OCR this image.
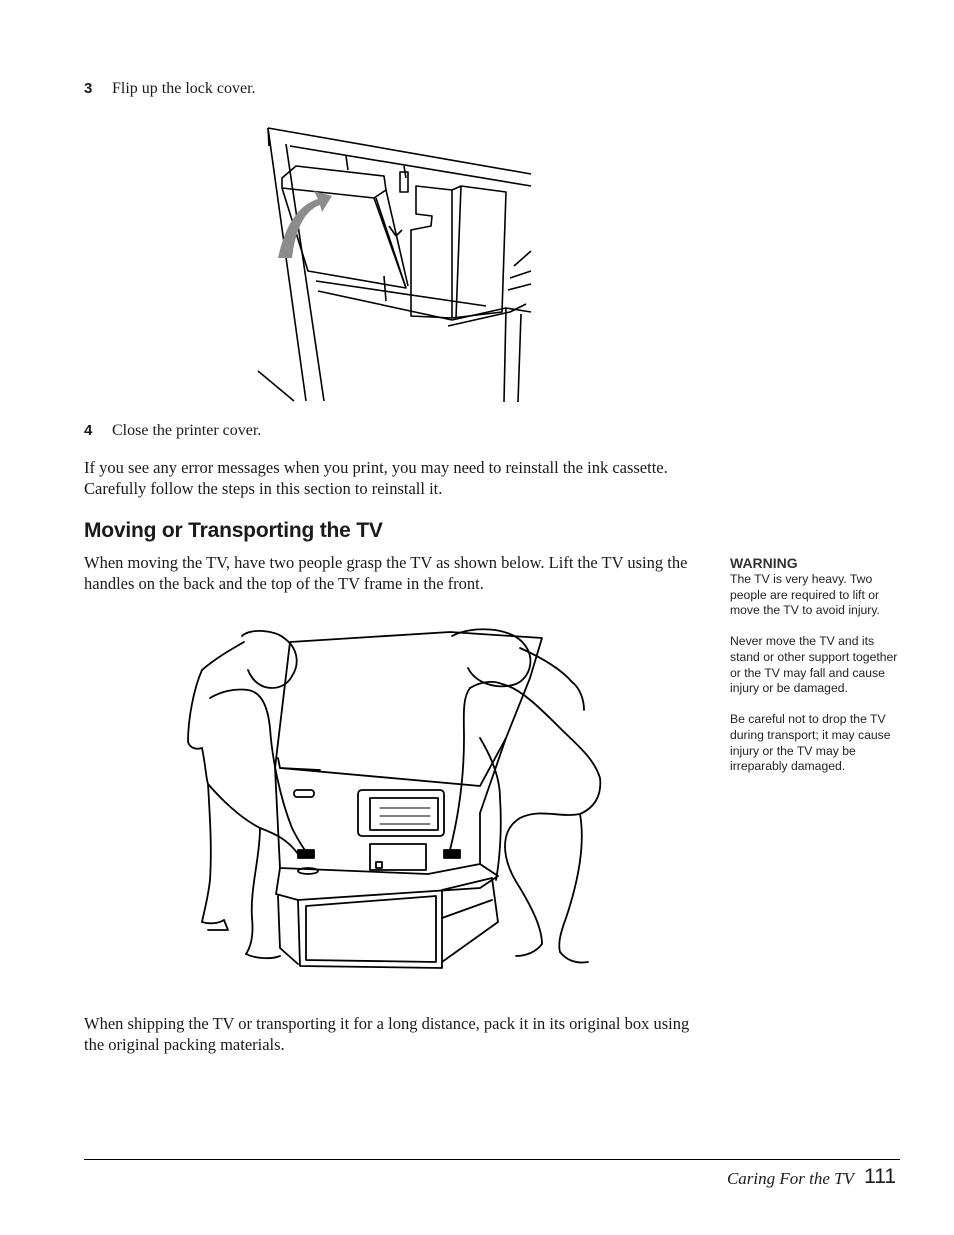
3 Flip up the lock cover.
4 Close the printer cover.
If you see any error messages when you print, you may need to reinstall the ink cassette.
Carefully follow the steps in this section to reinstall it.
Moving or Transporting the TV
When moving the TV, have two people grasp the TV as shown below. Lift the TV using the
handles on the back and the top of the TV frame in the front.
WARNING

The TV is very heavy. Two people are required to lift or move the TV to avoid injury.

Never move the TV and its stand or other support together or the TV may fall and cause injury or be damaged.

Be careful not to drop the TV during transport; it may cause injury or the TV may be irreparably damaged.

When shipping the TV or transporting it for a long distance, pack it in its original box using
the original packing materials.
Caring For the TV 111
